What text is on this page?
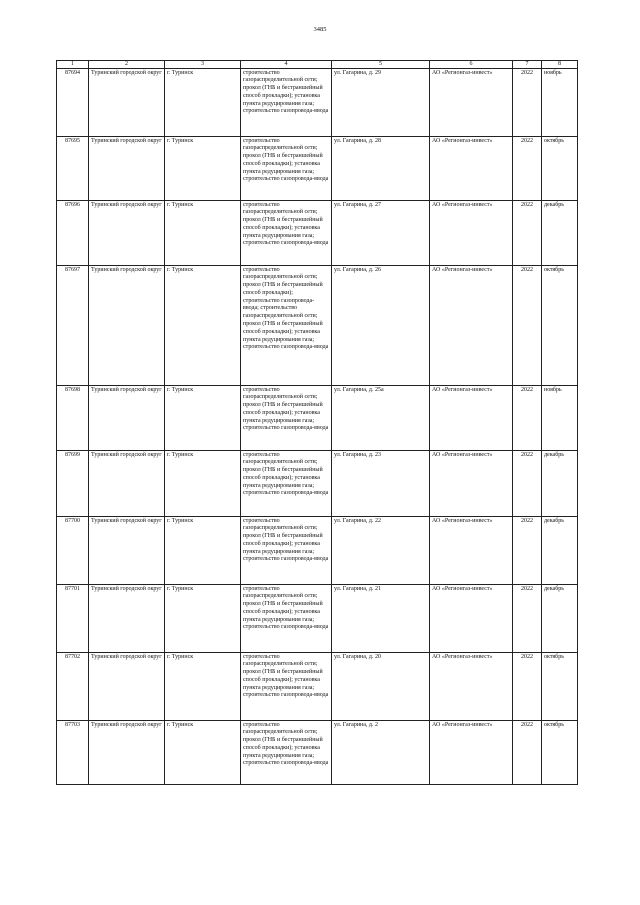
3485
1	2	3	4	5	6	7	8
87694	Туринский городской округ	г. Туринск	строительство газораспределительной сети; прокол (ГНБ и бестраншейный способ прокладки); установка пункта редуцирования газа; строительство газопровода-ввода	ул. Гагарина, д. 29	АО «Регионгаз-инвест»	2022	ноябрь
87695	Туринский городской округ	г. Туринск	строительство газораспределительной сети; прокол (ГНБ и бестраншейный способ прокладки); установка пункта редуцирования газа; строительство газопровода-ввода	ул. Гагарина, д. 28	АО «Регионгаз-инвест»	2022	октябрь
87696	Туринский городской округ	г. Туринск	строительство газораспределительной сети; прокол (ГНБ и бестраншейный способ прокладки); установка пункта редуцирования газа; строительство газопровода-ввода	ул. Гагарина, д. 27	АО «Регионгаз-инвест»	2022	декабрь
87697	Туринский городской округ	г. Туринск	строительство газораспределительной сети; прокол (ГНБ и бестраншейный способ прокладки); строительство газопровода-ввода; строительство газораспределительной сети; прокол (ГНБ и бестраншейный способ прокладки); установка пункта редуцирования газа; строительство газопровода-ввода	ул. Гагарина, д. 26	АО «Регионгаз-инвест»	2022	октябрь
87698	Туринский городской округ	г. Туринск	строительство газораспределительной сети; прокол (ГНБ и бестраншейный способ прокладки); установка пункта редуцирования газа; строительство газопровода-ввода	ул. Гагарина, д. 25а	АО «Регионгаз-инвест»	2022	ноябрь
87699	Туринский городской округ	г. Туринск	строительство газораспределительной сети; прокол (ГНБ и бестраншейный способ прокладки); установка пункта редуцирования газа; строительство газопровода-ввода	ул. Гагарина, д. 23	АО «Регионгаз-инвест»	2022	декабрь
87700	Туринский городской округ	г. Туринск	строительство газораспределительной сети; прокол (ГНБ и бестраншейный способ прокладки); установка пункта редуцирования газа; строительство газопровода-ввода	ул. Гагарина, д. 22	АО «Регионгаз-инвест»	2022	декабрь
87701	Туринский городской округ	г. Туринск	строительство газораспределительной сети; прокол (ГНБ и бестраншейный способ прокладки); установка пункта редуцирования газа; строительство газопровода-ввода	ул. Гагарина, д. 21	АО «Регионгаз-инвест»	2022	декабрь
87702	Туринский городской округ	г. Туринск	строительство газораспределительной сети; прокол (ГНБ и бестраншейный способ прокладки); установка пункта редуцирования газа; строительство газопровода-ввода	ул. Гагарина, д. 20	АО «Регионгаз-инвест»	2022	октябрь
87703	Туринский городской округ	г. Туринск	строительство газораспределительной сети; прокол (ГНБ и бестраншейный способ прокладки); установка пункта редуцирования газа; строительство газопровода-ввода	ул. Гагарина, д. 2	АО «Регионгаз-инвест»	2022	октябрь
